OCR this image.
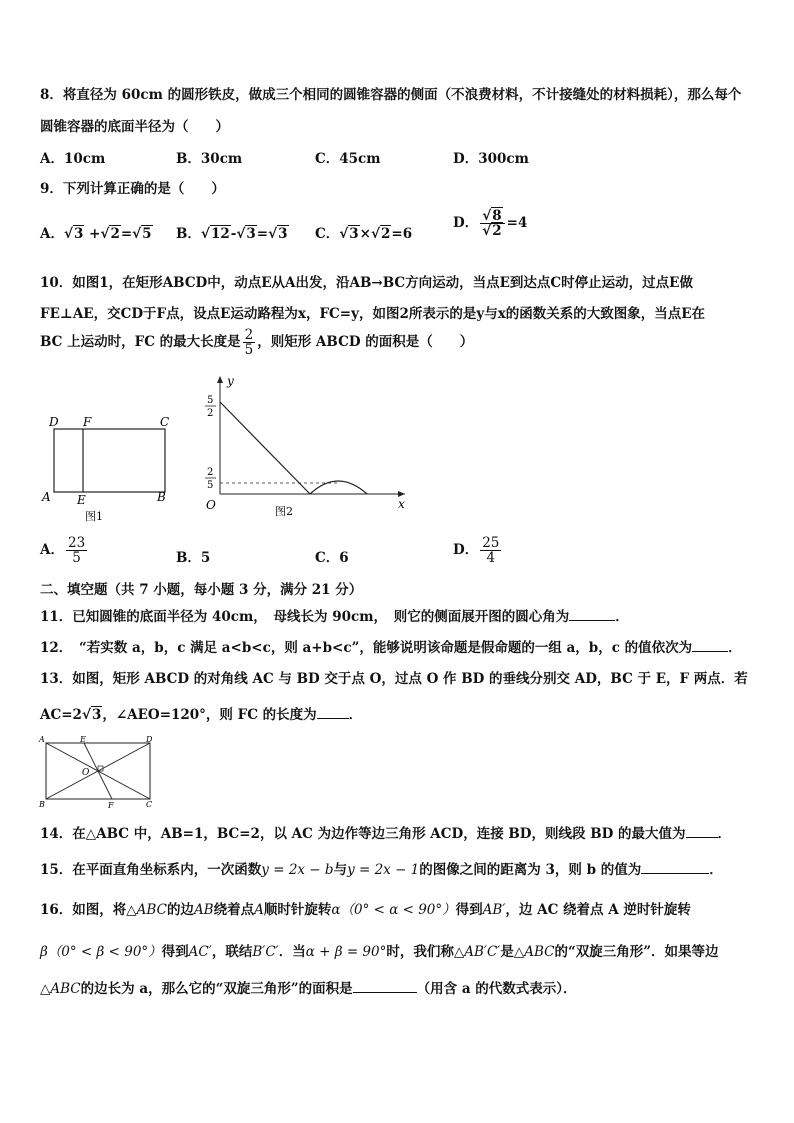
8．将直径为 60cm 的圆形铁皮，做成三个相同的圆锥容器的侧面（不浪费材料，不计接缝处的材料损耗），那么每个
圆锥容器的底面半径为（　　）
A．10cm	B．30cm	C．45cm	D．300cm
9．下列计算正确的是（　　）
A．√3 +√2=√5 B．√12-√3=√3 C．√3×√2=6
D． $\frac{√8}{√2} =4$
10．如图1，在矩形ABCD中，动点E从A出发，沿AB→BC方向运动，当点E到达点C时停止运动，过点E做
FE⊥AE，交CD于F点，设点E运动路程为x，FC=y，如图2所表示的是y与x的函数关系的大致图象，当点E在
BC 上运动时，FC 的最大长度是 $\frac{2}{5}$ ，则矩形 ABCD 的面积是（　　）
D F	C
A E	B
图1
y
x
O
5
2
2
5
图2
A． $\frac{23}{5}$	B．5	C．6	D． $\frac{25}{4}$
二、填空题（共 7 小题，每小题 3 分，满分 21 分）
11．已知圆锥的底面半径为 40cm，　母线长为 90cm，　则它的侧面展开图的圆心角为	．
12．　“若实数 a，b，c 满足 a<b<c，则 a+b<c”，能够说明该命题是假命题的一组 a，b，c 的值依次为	．
13．如图，矩形 ABCD 的对角线 AC 与 BD 交于点 O，过点 O 作 BD 的垂线分别交 AD，BC 于 E，F 两点．若
AC=2√3，∠AEO=120°，则 FC 的长度为 ．
A	E	D
O
B	F	C
14．在△ABC 中，AB=1，BC=2，以 AC 为边作等边三角形 ACD，连接 BD，则线段 BD 的最大值为 ．
15．在平面直角坐标系内，一次函数y = 2x − b与y = 2x − 1的图像之间的距离为 3，则 b 的值为	．
16．如图，将△ABC的边AB绕着点A顺时针旋转α（0° < α < 90°）得到AB′，边 AC 绕着点 A 逆时针旋转
β（0° < β < 90°）得到AC′，联结B′C′．当α + β = 90°时，我们称△AB′C′是△ABC的“双旋三角形”．如果等边
△ABC的边长为 a，那么它的“双旋三角形”的面积是	（用含 a 的代数式表示）．
